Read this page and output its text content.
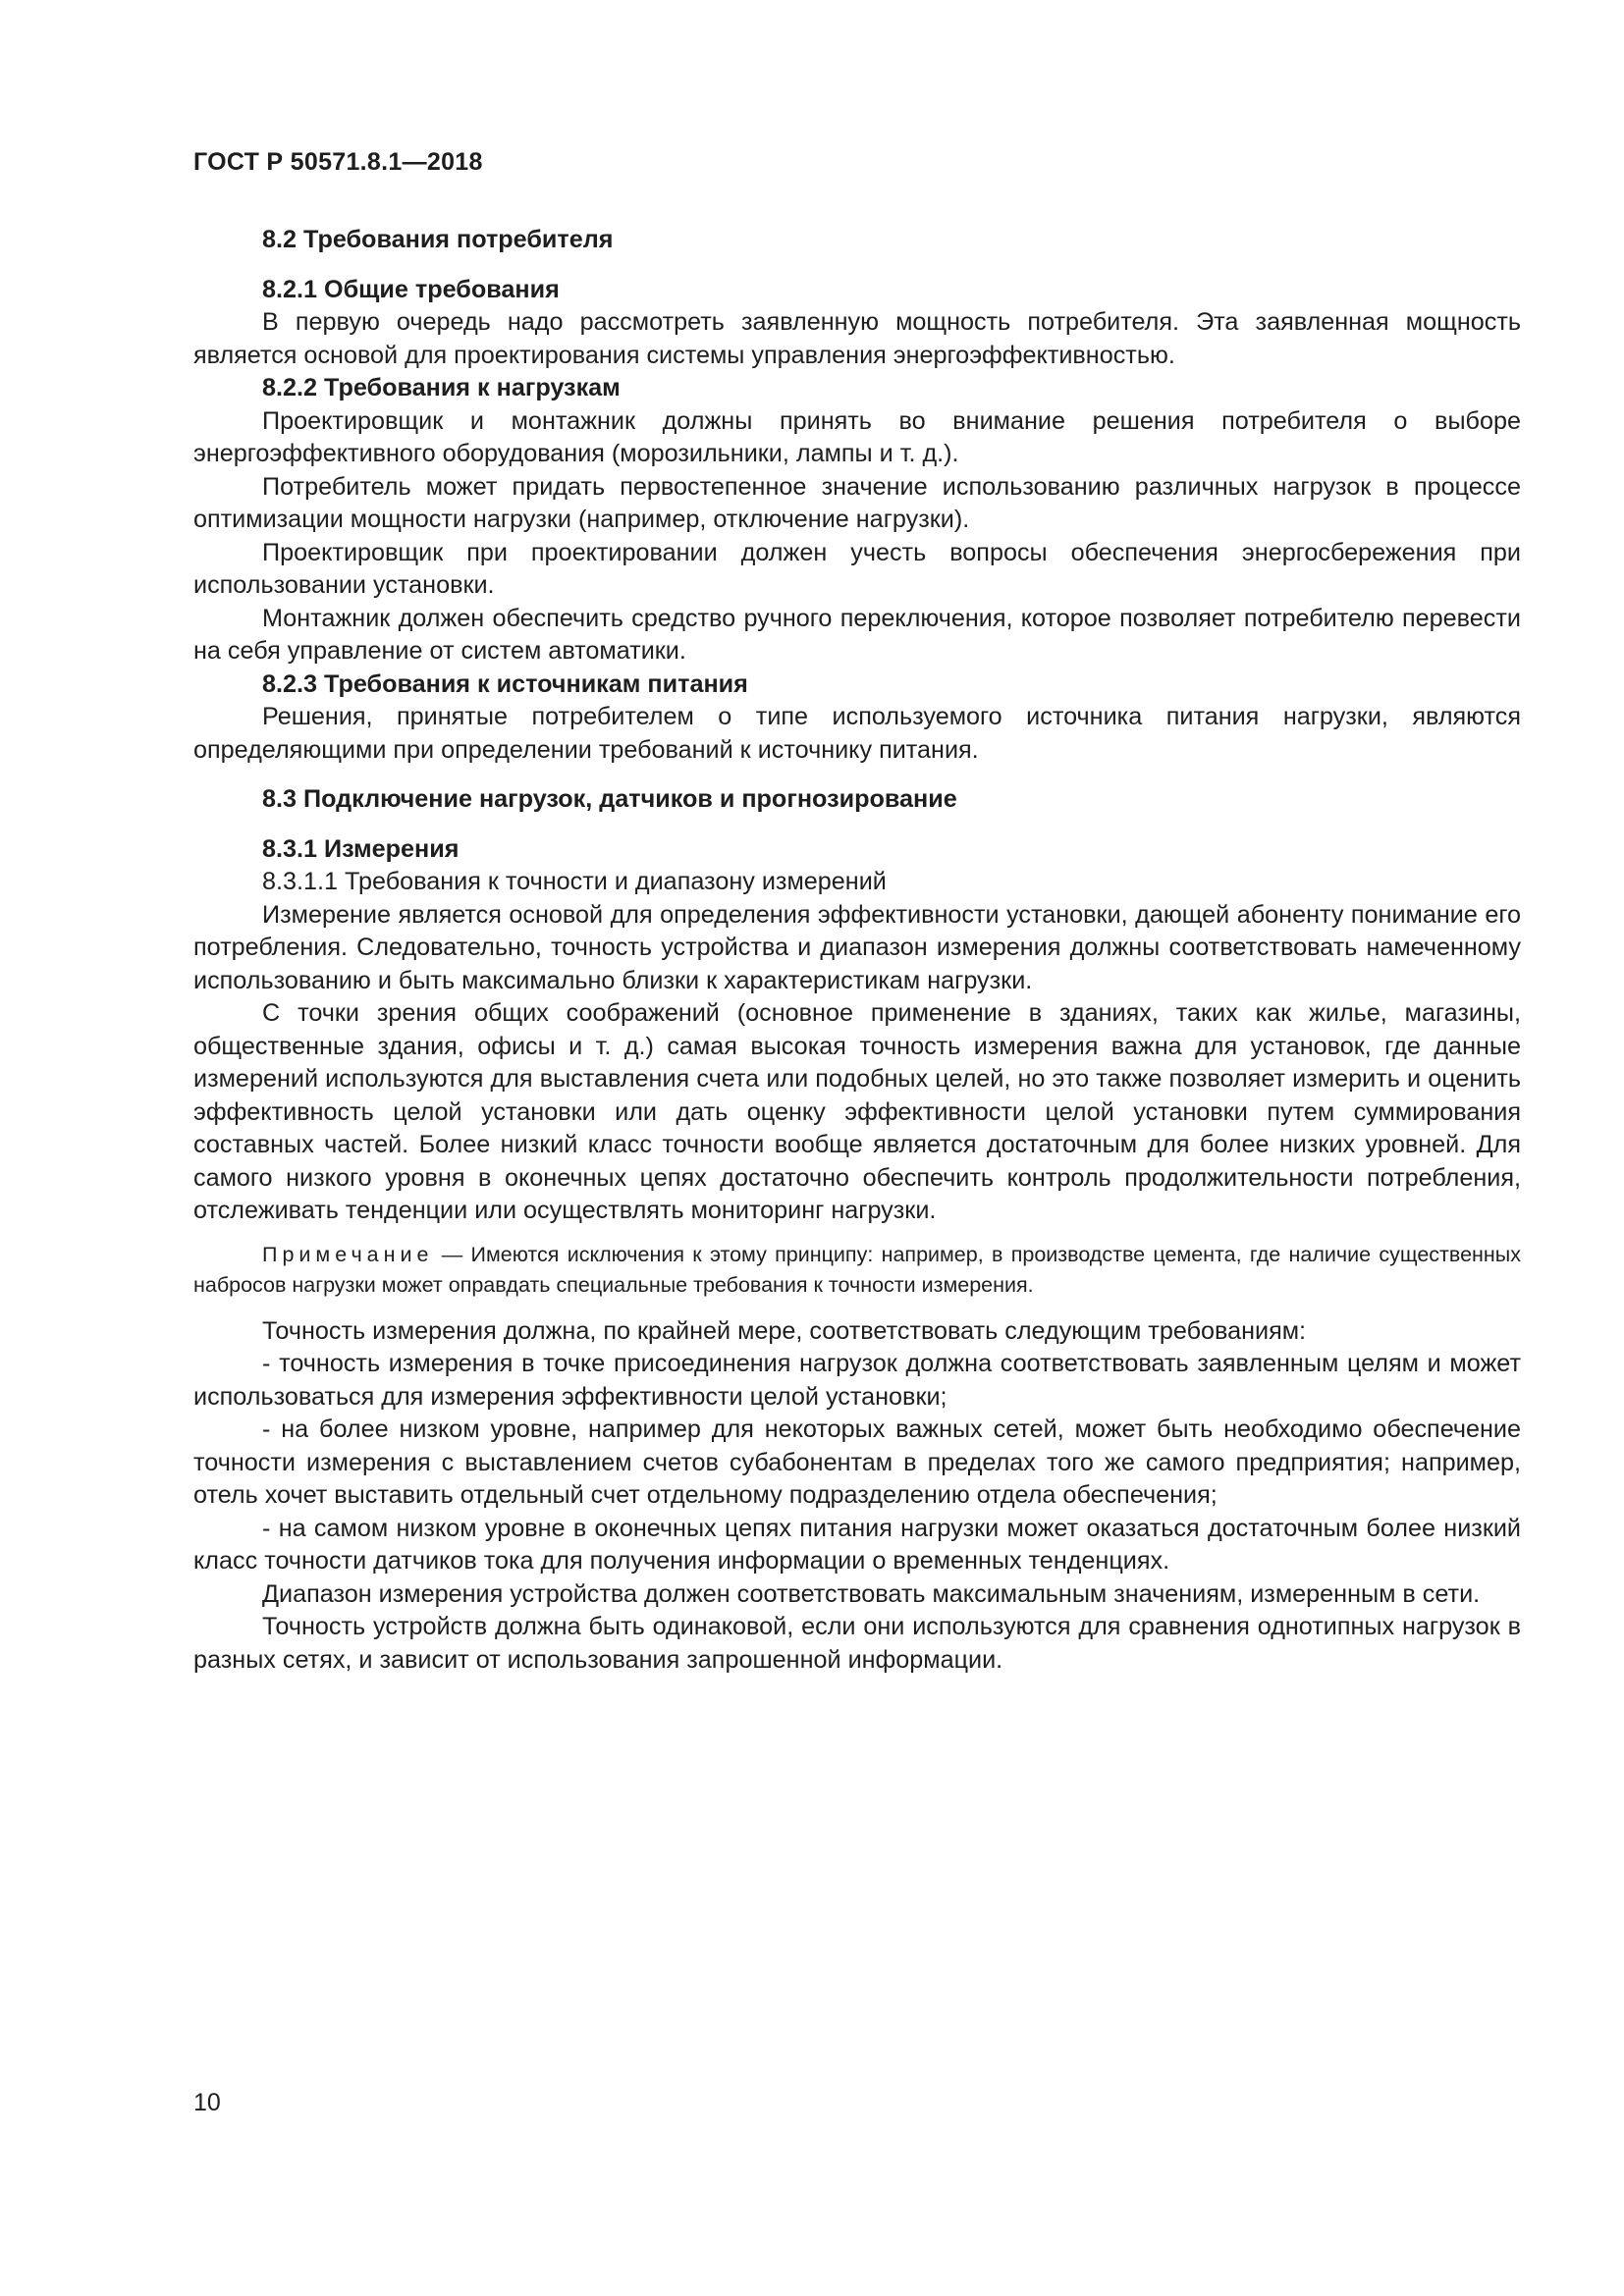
ГОСТ Р 50571.8.1—2018
8.2 Требования потребителя
8.2.1 Общие требования

В первую очередь надо рассмотреть заявленную мощность потребителя. Эта заявленная мощность является основой для проектирования системы управления энергоэффективностью.

8.2.2 Требования к нагрузкам

Проектировщик и монтажник должны принять во внимание решения потребителя о выборе энергоэффективного оборудования (морозильники, лампы и т. д.).

Потребитель может придать первостепенное значение использованию различных нагрузок в процессе оптимизации мощности нагрузки (например, отключение нагрузки).

Проектировщик при проектировании должен учесть вопросы обеспечения энергосбережения при использовании установки.

Монтажник должен обеспечить средство ручного переключения, которое позволяет потребителю перевести на себя управление от систем автоматики.

8.2.3 Требования к источникам питания

Решения, принятые потребителем о типе используемого источника питания нагрузки, являются определяющими при определении требований к источнику питания.

8.3 Подключение нагрузок, датчиков и прогнозирование
8.3.1 Измерения

8.3.1.1 Требования к точности и диапазону измерений

Измерение является основой для определения эффективности установки, дающей абоненту понимание его потребления. Следовательно, точность устройства и диапазон измерения должны соответствовать намеченному использованию и быть максимально близки к характеристикам нагрузки.

С точки зрения общих соображений (основное применение в зданиях, таких как жилье, магазины, общественные здания, офисы и т. д.) самая высокая точность измерения важна для установок, где данные измерений используются для выставления счета или подобных целей, но это также позволяет измерить и оценить эффективность целой установки или дать оценку эффективности целой установки путем суммирования составных частей. Более низкий класс точности вообще является достаточным для более низких уровней. Для самого низкого уровня в оконечных цепях достаточно обеспечить контроль продолжительности потребления, отслеживать тенденции или осуществлять мониторинг нагрузки.

Примечание — Имеются исключения к этому принципу: например, в производстве цемента, где наличие существенных набросов нагрузки может оправдать специальные требования к точности измерения.

Точность измерения должна, по крайней мере, соответствовать следующим требованиям:

- точность измерения в точке присоединения нагрузок должна соответствовать заявленным целям и может использоваться для измерения эффективности целой установки;

- на более низком уровне, например для некоторых важных сетей, может быть необходимо обеспечение точности измерения с выставлением счетов субабонентам в пределах того же самого предприятия; например, отель хочет выставить отдельный счет отдельному подразделению отдела обеспечения;

- на самом низком уровне в оконечных цепях питания нагрузки может оказаться достаточным более низкий класс точности датчиков тока для получения информации о временных тенденциях.

Диапазон измерения устройства должен соответствовать максимальным значениям, измеренным в сети.

Точность устройств должна быть одинаковой, если они используются для сравнения однотипных нагрузок в разных сетях, и зависит от использования запрошенной информации.

10
